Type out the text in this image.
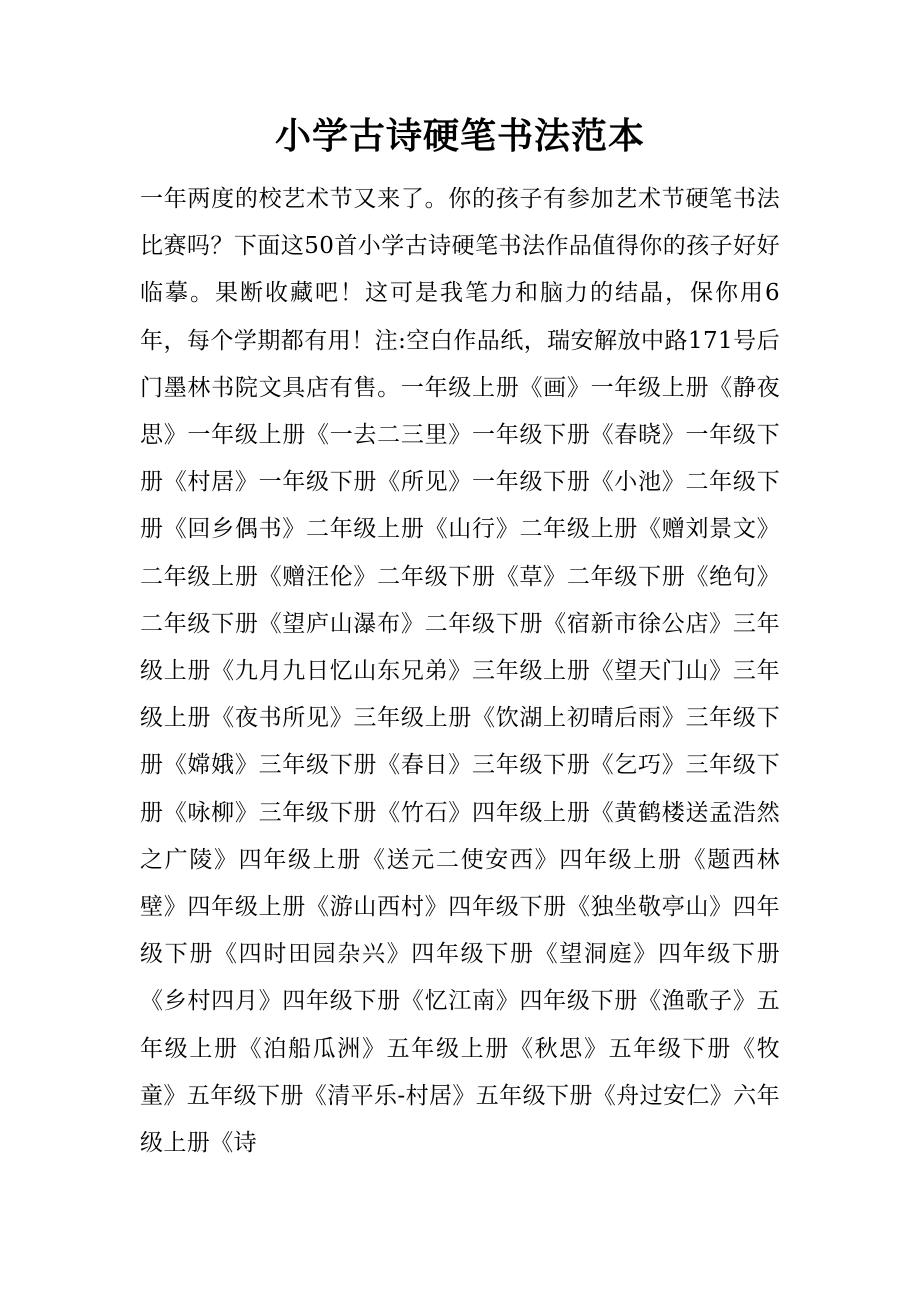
小学古诗硬笔书法范本

一年两度的校艺术节又来了。你的孩子有参加艺术节硬笔书法比赛吗？下面这50首小学古诗硬笔书法作品值得你的孩子好好临摹。果断收藏吧！这可是我笔力和脑力的结晶，保你用6年，每个学期都有用！注:空白作品纸，瑞安解放中路171号后门墨林书院文具店有售。一年级上册《画》一年级上册《静夜思》一年级上册《一去二三里》一年级下册《春晓》一年级下册《村居》一年级下册《所见》一年级下册《小池》二年级下册《回乡偶书》二年级上册《山行》二年级上册《赠刘景文》二年级上册《赠汪伦》二年级下册《草》二年级下册《绝句》二年级下册《望庐山瀑布》二年级下册《宿新市徐公店》三年级上册《九月九日忆山东兄弟》三年级上册《望天门山》三年级上册《夜书所见》三年级上册《饮湖上初晴后雨》三年级下册《嫦娥》三年级下册《春日》三年级下册《乞巧》三年级下册《咏柳》三年级下册《竹石》四年级上册《黄鹤楼送孟浩然之广陵》四年级上册《送元二使安西》四年级上册《题西林壁》四年级上册《游山西村》四年级下册《独坐敬亭山》四年级下册《四时田园杂兴》四年级下册《望洞庭》四年级下册《乡村四月》四年级下册《忆江南》四年级下册《渔歌子》五年级上册《泊船瓜洲》五年级上册《秋思》五年级下册《牧童》五年级下册《清平乐-村居》五年级下册《舟过安仁》六年级上册《诗
